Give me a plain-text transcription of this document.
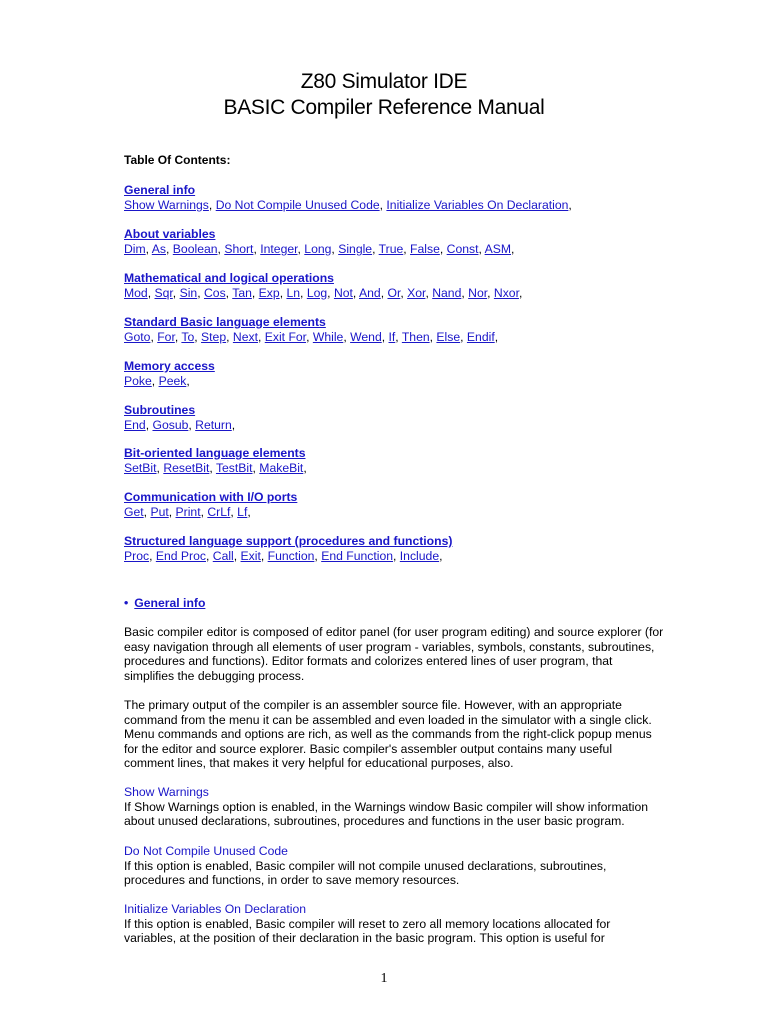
Z80 Simulator IDE
BASIC Compiler Reference Manual
Table Of Contents:
General info
Show Warnings, Do Not Compile Unused Code, Initialize Variables On Declaration,
About variables
Dim, As, Boolean, Short, Integer, Long, Single, True, False, Const, ASM,
Mathematical and logical operations
Mod, Sqr, Sin, Cos, Tan, Exp, Ln, Log, Not, And, Or, Xor, Nand, Nor, Nxor,
Standard Basic language elements
Goto, For, To, Step, Next, Exit For, While, Wend, If, Then, Else, Endif,
Memory access
Poke, Peek,
Subroutines
End, Gosub, Return,
Bit-oriented language elements
SetBit, ResetBit, TestBit, MakeBit,
Communication with I/O ports
Get, Put, Print, CrLf, Lf,
Structured language support (procedures and functions)
Proc, End Proc, Call, Exit, Function, End Function, Include,
• General info
Basic compiler editor is composed of editor panel (for user program editing) and source explorer (for easy navigation through all elements of user program - variables, symbols, constants, subroutines, procedures and functions). Editor formats and colorizes entered lines of user program, that simplifies the debugging process.
The primary output of the compiler is an assembler source file. However, with an appropriate command from the menu it can be assembled and even loaded in the simulator with a single click. Menu commands and options are rich, as well as the commands from the right-click popup menus for the editor and source explorer. Basic compiler's assembler output contains many useful comment lines, that makes it very helpful for educational purposes, also.
Show Warnings
If Show Warnings option is enabled, in the Warnings window Basic compiler will show information about unused declarations, subroutines, procedures and functions in the user basic program.
Do Not Compile Unused Code
If this option is enabled, Basic compiler will not compile unused declarations, subroutines, procedures and functions, in order to save memory resources.
Initialize Variables On Declaration
If this option is enabled, Basic compiler will reset to zero all memory locations allocated for variables, at the position of their declaration in the basic program. This option is useful for
1
